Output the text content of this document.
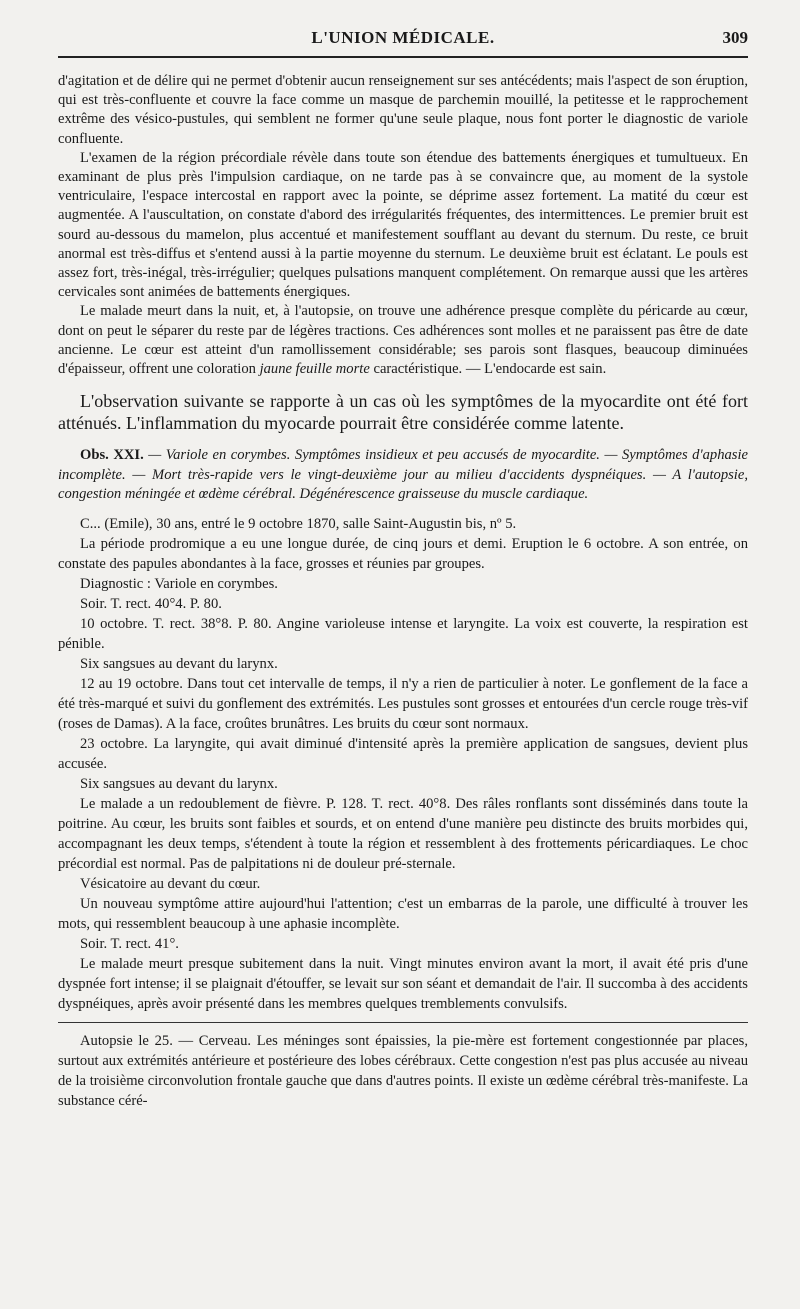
L'UNION MÉDICALE.	309

d'agitation et de délire qui ne permet d'obtenir aucun renseignement sur ses antécédents; mais l'aspect de son éruption, qui est très-confluente et couvre la face comme un masque de parchemin mouillé, la petitesse et le rapprochement extrême des vésico-pustules, qui semblent ne former qu'une seule plaque, nous font porter le diagnostic de variole confluente.

L'examen de la région précordiale révèle dans toute son étendue des battements énergiques et tumultueux. En examinant de plus près l'impulsion cardiaque, on ne tarde pas à se convaincre que, au moment de la systole ventriculaire, l'espace intercostal en rapport avec la pointe, se déprime assez fortement. La matité du cœur est augmentée. A l'auscultation, on constate d'abord des irrégularités fréquentes, des intermittences. Le premier bruit est sourd au-dessous du mamelon, plus accentué et manifestement soufflant au devant du sternum. Du reste, ce bruit anormal est très-diffus et s'entend aussi à la partie moyenne du sternum. Le deuxième bruit est éclatant. Le pouls est assez fort, très-inégal, très-irrégulier; quelques pulsations manquent complétement. On remarque aussi que les artères cervicales sont animées de battements énergiques.

Le malade meurt dans la nuit, et, à l'autopsie, on trouve une adhérence presque complète du péricarde au cœur, dont on peut le séparer du reste par de légères tractions. Ces adhérences sont molles et ne paraissent pas être de date ancienne. Le cœur est atteint d'un ramollissement considérable; ses parois sont flasques, beaucoup diminuées d'épaisseur, offrent une coloration jaune feuille morte caractéristique. — L'endocarde est sain.

L'observation suivante se rapporte à un cas où les symptômes de la myocardite ont été fort atténués. L'inflammation du myocarde pourrait être considérée comme latente.

Obs. XXI. — Variole en corymbes. Symptômes insidieux et peu accusés de myocardite. — Symptômes d'aphasie incomplète. — Mort très-rapide vers le vingt-deuxième jour au milieu d'accidents dyspnéiques. — A l'autopsie, congestion méningée et œdème cérébral. Dégénérescence graisseuse du muscle cardiaque.

C... (Emile), 30 ans, entré le 9 octobre 1870, salle Saint-Augustin bis, nº 5.

La période prodromique a eu une longue durée, de cinq jours et demi. Eruption le 6 octobre. A son entrée, on constate des papules abondantes à la face, grosses et réunies par groupes.

Diagnostic : Variole en corymbes.

Soir. T. rect. 40°4. P. 80.

10 octobre. T. rect. 38°8. P. 80. Angine varioleuse intense et laryngite. La voix est couverte, la respiration est pénible.

Six sangsues au devant du larynx.

12 au 19 octobre. Dans tout cet intervalle de temps, il n'y a rien de particulier à noter. Le gonflement de la face a été très-marqué et suivi du gonflement des extrémités. Les pustules sont grosses et entourées d'un cercle rouge très-vif (roses de Damas). A la face, croûtes brunâtres. Les bruits du cœur sont normaux.

23 octobre. La laryngite, qui avait diminué d'intensité après la première application de sangsues, devient plus accusée.

Six sangsues au devant du larynx.

Le malade a un redoublement de fièvre. P. 128. T. rect. 40°8. Des râles ronflants sont disséminés dans toute la poitrine. Au cœur, les bruits sont faibles et sourds, et on entend d'une manière peu distincte des bruits morbides qui, accompagnant les deux temps, s'étendent à toute la région et ressemblent à des frottements péricardiaques. Le choc précordial est normal. Pas de palpitations ni de douleur pré-sternale.

Vésicatoire au devant du cœur.

Un nouveau symptôme attire aujourd'hui l'attention; c'est un embarras de la parole, une difficulté à trouver les mots, qui ressemblent beaucoup à une aphasie incomplète.

Soir. T. rect. 41°.

Le malade meurt presque subitement dans la nuit. Vingt minutes environ avant la mort, il avait été pris d'une dyspnée fort intense; il se plaignait d'étouffer, se levait sur son séant et demandait de l'air. Il succomba à des accidents dyspnéiques, après avoir présenté dans les membres quelques tremblements convulsifs.

Autopsie le 25. — Cerveau. Les méninges sont épaissies, la pie-mère est fortement congestionnée par places, surtout aux extrémités antérieure et postérieure des lobes cérébraux. Cette congestion n'est pas plus accusée au niveau de la troisième circonvolution frontale gauche que dans d'autres points. Il existe un œdème cérébral très-manifeste. La substance céré-
